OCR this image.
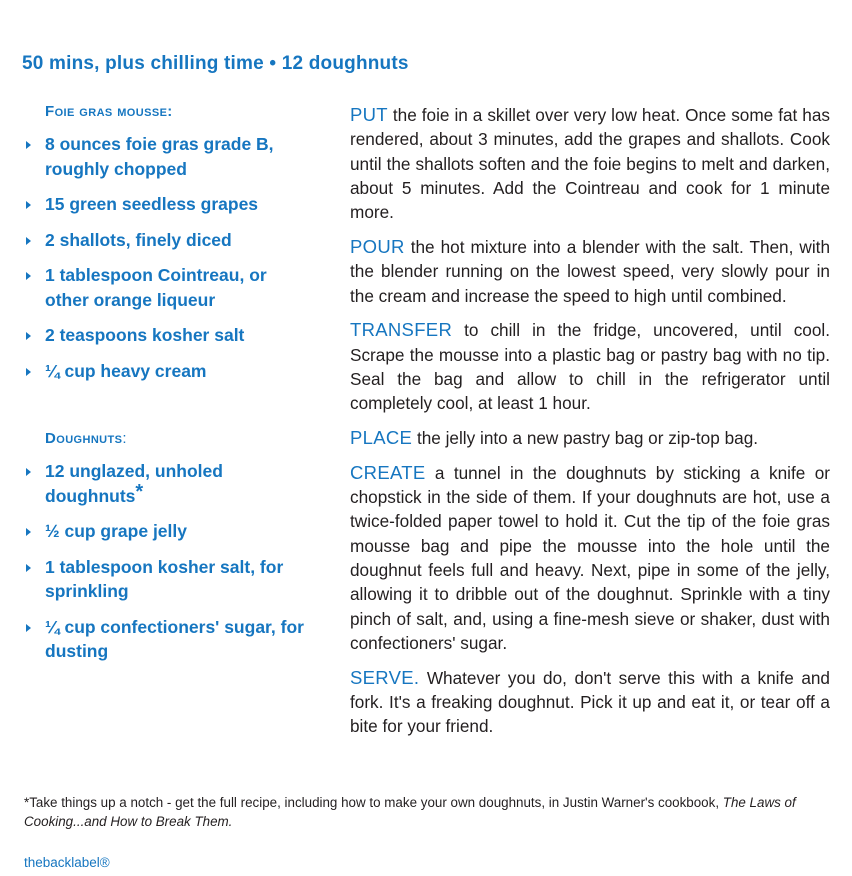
50 mins, plus chilling time • 12 doughnuts
Foie gras mousse:
8 ounces foie gras grade B, roughly chopped
15 green seedless grapes
2 shallots, finely diced
1 tablespoon Cointreau, or other orange liqueur
2 teaspoons kosher salt
¼ cup heavy cream
Doughnuts:
12 unglazed, unholed doughnuts*
½ cup grape jelly
1 tablespoon kosher salt, for sprinkling
¼ cup confectioners' sugar, for dusting

PUT the foie in a skillet over very low heat. Once some fat has rendered, about 3 minutes, add the grapes and shallots. Cook until the shallots soften and the foie begins to melt and darken, about 5 minutes. Add the Cointreau and cook for 1 minute more.

POUR the hot mixture into a blender with the salt. Then, with the blender running on the lowest speed, very slowly pour in the cream and increase the speed to high until combined.

TRANSFER to chill in the fridge, uncovered, until cool. Scrape the mousse into a plastic bag or pastry bag with no tip. Seal the bag and allow to chill in the refrigerator until completely cool, at least 1 hour.

PLACE the jelly into a new pastry bag or zip-top bag.

CREATE a tunnel in the doughnuts by sticking a knife or chopstick in the side of them. If your doughnuts are hot, use a twice-folded paper towel to hold it. Cut the tip of the foie gras mousse bag and pipe the mousse into the hole until the doughnut feels full and heavy. Next, pipe in some of the jelly, allowing it to dribble out of the doughnut. Sprinkle with a tiny pinch of salt, and, using a fine-mesh sieve or shaker, dust with confectioners' sugar.

SERVE. Whatever you do, don't serve this with a knife and fork. It's a freaking doughnut. Pick it up and eat it, or tear off a bite for your friend.

*Take things up a notch - get the full recipe, including how to make your own doughnuts, in Justin Warner's cookbook, The Laws of Cooking...and How to Break Them.
thebacklabel®
